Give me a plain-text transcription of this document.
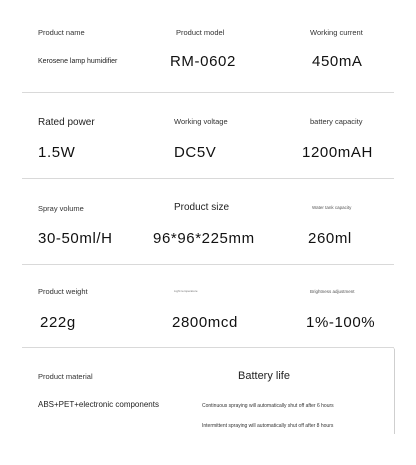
Product name
Kerosene lamp humidifier
Product model
RM-0602
Working current
450mA
Rated power
1.5W
Working voltage
DC5V
battery capacity
1200mAH
Spray volume
30-50ml/H
Product size
96*96*225mm
Water tank capacity
260ml
Product weight
222g
Light temperature
2800mcd
Brightness adjustment
1%-100%
Product material
ABS+PET+electronic components
Battery life
Continuous spraying will automatically shut off after 6 hours
Intermittent spraying will automatically shut off after 8 hours
